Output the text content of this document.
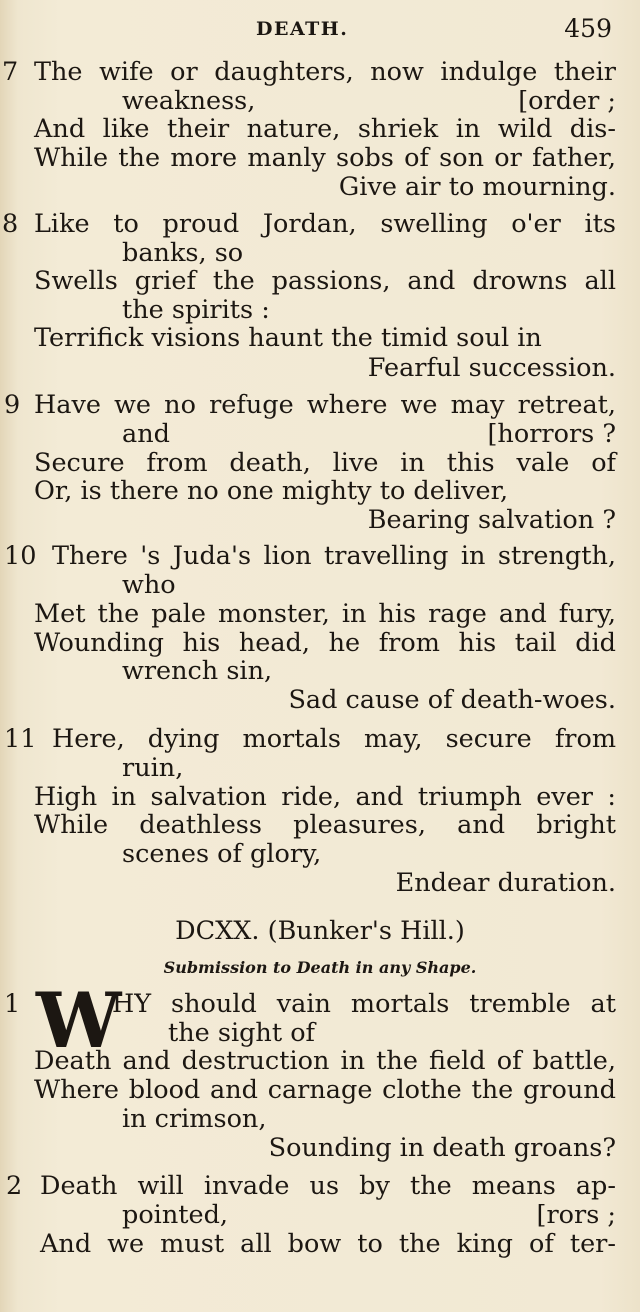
DEATH.	459
7 The wife or daughters, now indulge their
weakness,	[order ;
And like their nature, shriek in wild dis-
While the more manly sobs of son or father,
Give air to mourning.
8 Like to proud Jordan, swelling o'er its
banks, so
Swells grief the passions, and drowns all
the spirits :
Terrifick visions haunt the timid soul in
Fearful succession.
9 Have we no refuge where we may retreat,
and	[horrors ?
Secure from death, live in this vale of
Or, is there no one mighty to deliver,
Bearing salvation ?
10 There 's Juda's lion travelling in strength,
who
Met the pale monster, in his rage and fury,
Wounding his head, he from his tail did
wrench sin,
Sad cause of death-woes.
11 Here, dying mortals may, secure from
ruin,
High in salvation ride, and triumph ever :
While deathless pleasures, and bright
scenes of glory,
Endear duration.
DCXX. (Bunker's Hill.)
Submission to Death in any Shape.
1 W
HY should vain mortals tremble at
the sight of
Death and destruction in the field of battle,
Where blood and carnage clothe the ground
in crimson,
Sounding in death groans?
2 Death will invade us by the means ap-
pointed,	[rors ;
And we must all bow to the king of ter-
